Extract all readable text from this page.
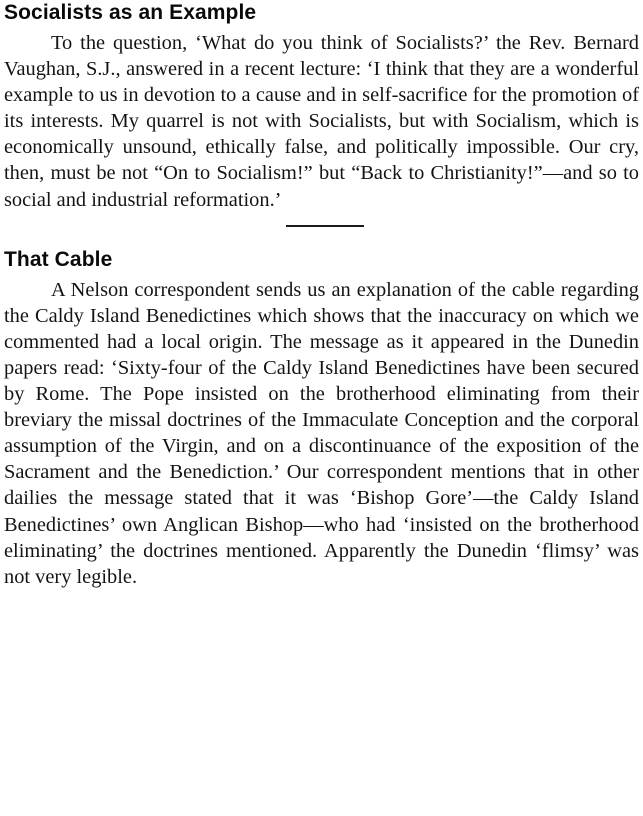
Socialists as an Example

To the question, ‘What do you think of Socialists?’ the Rev. Bernard Vaughan, S.J., answered in a recent lecture: ‘I think that they are a wonderful example to us in devotion to a cause and in self-sacrifice for the promotion of its interests. My quarrel is not with Socialists, but with Socialism, which is economically unsound, ethically false, and politically impossible. Our cry, then, must be not “On to Socialism!” but “Back to Christianity!”—and so to social and industrial reformation.’

That Cable

A Nelson correspondent sends us an explanation of the cable regarding the Caldy Island Benedictines which shows that the inaccuracy on which we commented had a local origin. The message as it appeared in the Dunedin papers read: ‘Sixty-four of the Caldy Island Benedictines have been secured by Rome. The Pope insisted on the brotherhood eliminating from their breviary the missal doctrines of the Immaculate Conception and the corporal assumption of the Virgin, and on a discontinuance of the exposition of the Sacrament and the Benediction.’ Our correspondent mentions that in other dailies the message stated that it was ‘Bishop Gore’—the Caldy Island Benedictines’ own Anglican Bishop—who had ‘insisted on the brotherhood eliminating’ the doctrines mentioned. Apparently the Dunedin ‘flimsy’ was not very legible.
